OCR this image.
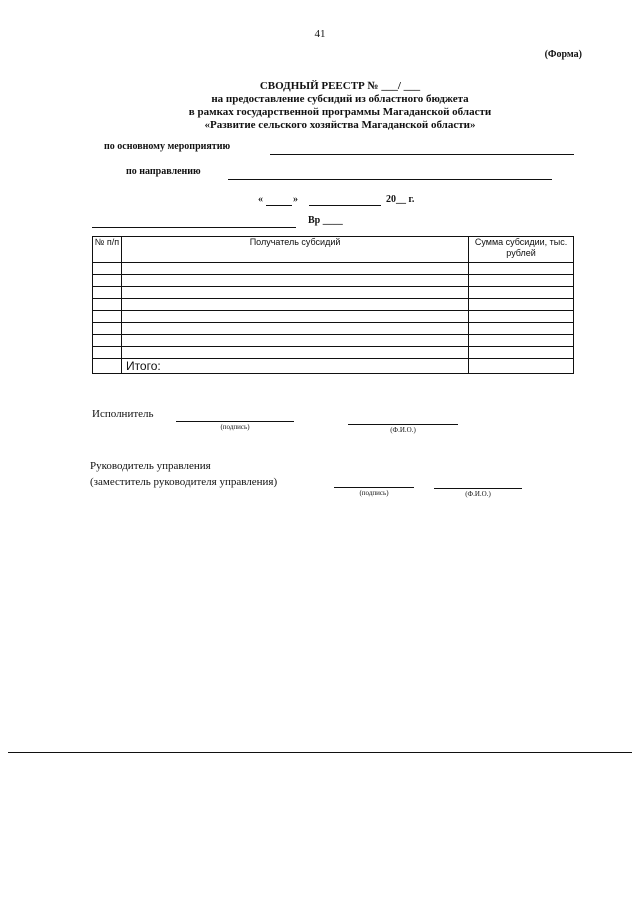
41
(Форма)
СВОДНЫЙ РЕЕСТР № ___/ ___
на предоставление субсидий из областного бюджета
в рамках государственной программы Магаданской области
«Развитие сельского хозяйства Магаданской области»
по основному мероприятию
по направлению
«	»	20__ г.
Вр ____
№ п/п	Получатель субсидий	Сумма субсидии, тыс. рублей

	Итого:	
Исполнитель
(подпись)	(Ф.И.О.)
Руководитель управления
(заместитель руководителя управления)
(подпись)	(Ф.И.О.)
